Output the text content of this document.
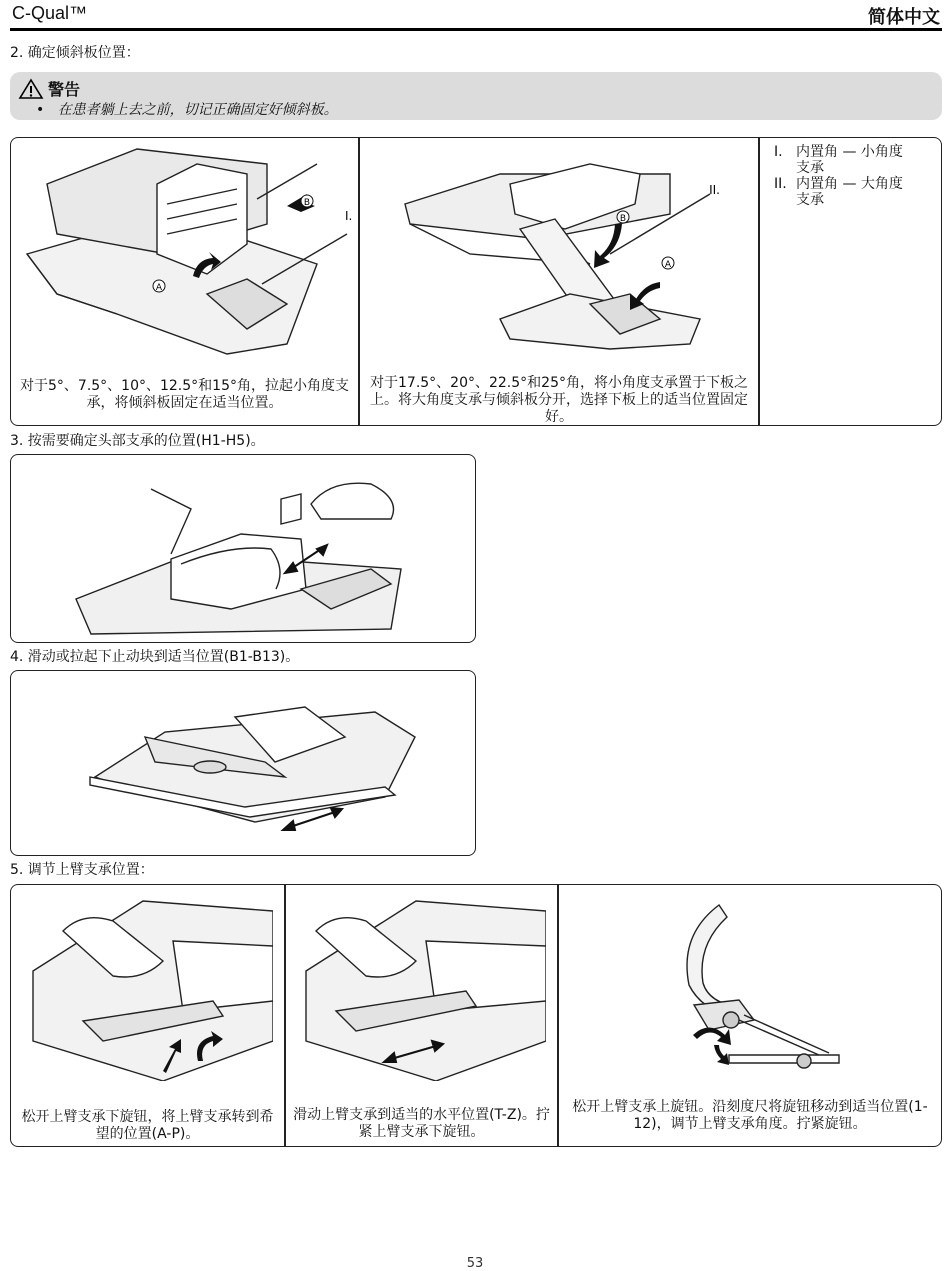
C-Qual™	简体中文
2. 确定倾斜板位置：
警告
• 在患者躺上去之前，切记正确固定好倾斜板。
A
B
I.
对于5°、7.5°、10°、12.5°和15°角，拉起小角度支承，将倾斜板固定在适当位置。
B
A
II.
对于17.5°、20°、22.5°和25°角，将小角度支承置于下板之上。将大角度支承与倾斜板分开，选择下板上的适当位置固定好。
I. 内置角 — 小角度支承
II. 内置角 — 大角度支承
3. 按需要确定头部支承的位置(H1-H5)。
4. 滑动或拉起下止动块到适当位置(B1-B13)。
5. 调节上臂支承位置：
松开上臂支承下旋钮，将上臂支承转到希望的位置(A-P)。
滑动上臂支承到适当的水平位置(T-Z)。拧紧上臂支承下旋钮。
松开上臂支承上旋钮。沿刻度尺将旋钮移动到适当位置(1-12)，调节上臂支承角度。拧紧旋钮。
53
